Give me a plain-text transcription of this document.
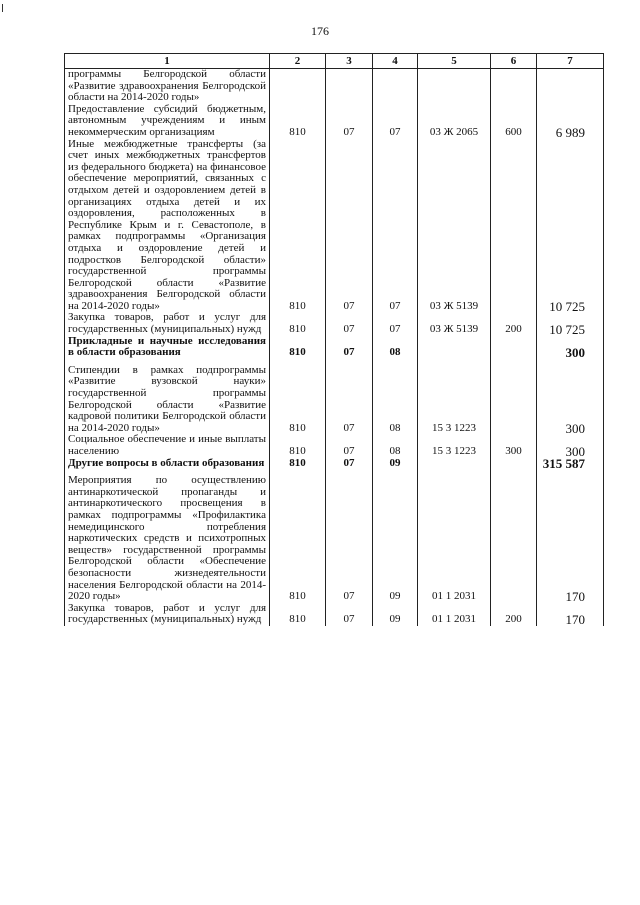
176
1	2	3	4	5	6	7
программы Белгородской области «Развитие здравоохранения Белгородской области на 2014-2020 годы»						
Предоставление субсидий бюджетным, автономным учреждениям и иным некоммерческим организациям	810	07	07	03 Ж 2065	600	6 989
Иные межбюджетные трансферты (за счет иных межбюджетных трансфертов из федерального бюджета) на финансовое обеспечение мероприятий, связанных с отдыхом детей и оздоровлением детей в организациях отдыха детей и их оздоровления, расположенных в Республике Крым и г. Севастополе, в рамках подпрограммы «Организация отдыха и оздоровление детей и подростков Белгородской области» государственной программы Белгородской области «Развитие здравоохранения Белгородской области на 2014-2020 годы»	810	07	07	03 Ж 5139		10 725
Закупка товаров, работ и услуг для государственных (муниципальных) нужд	810	07	07	03 Ж 5139	200	10 725
Прикладные и научные исследования в области образования	810	07	08			300

Стипендии в рамках подпрограммы «Развитие вузовской науки» государственной программы Белгородской области «Развитие кадровой политики Белгородской области на 2014-2020 годы»	810	07	08	15 3 1223		300
Социальное обеспечение и иные выплаты населению	810	07	08	15 3 1223	300	300
Другие вопросы в области образования	810	07	09			315 587

Мероприятия по осуществлению антинаркотической пропаганды и антинаркотического просвещения в рамках подпрограммы «Профилактика немедицинского потребления наркотических средств и психотропных веществ» государственной программы Белгородской области «Обеспечение безопасности жизнедеятельности населения Белгородской области на 2014-2020 годы»	810	07	09	01 1 2031		170
Закупка товаров, работ и услуг для государственных (муниципальных) нужд	810	07	09	01 1 2031	200	170
